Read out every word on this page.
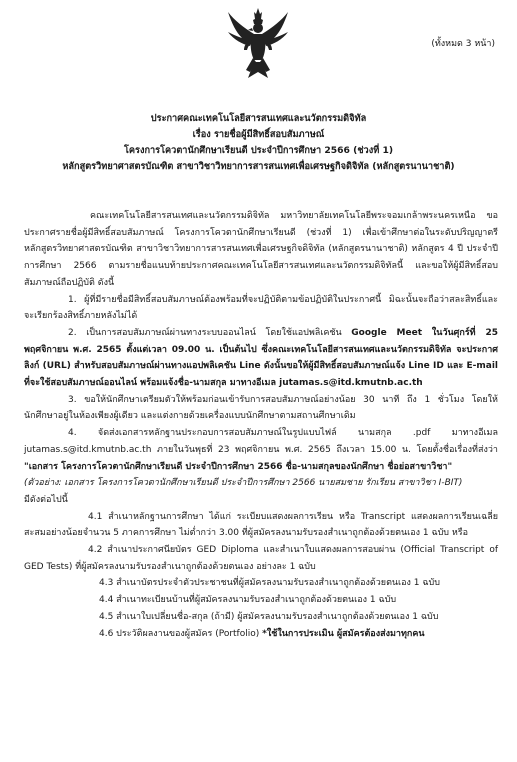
(ทั้งหมด 3 หน้า)
ประกาศคณะเทคโนโลยีสารสนเทศและนวัตกรรมดิจิทัล
เรื่อง รายชื่อผู้มีสิทธิ์สอบสัมภาษณ์
โครงการโควตานักศึกษาเรียนดี ประจำปีการศึกษา 2566 (ช่วงที่ 1)
หลักสูตรวิทยาศาสตรบัณฑิต สาขาวิชาวิทยาการสารสนเทศเพื่อเศรษฐกิจดิจิทัล (หลักสูตรนานาชาติ)

คณะเทคโนโลยีสารสนเทศและนวัตกรรมดิจิทัล มหาวิทยาลัยเทคโนโลยีพระจอมเกล้าพระนครเหนือ ขอประกาศรายชื่อผู้มีสิทธิ์สอบสัมภาษณ์ โครงการโควตานักศึกษาเรียนดี (ช่วงที่ 1) เพื่อเข้าศึกษาต่อในระดับปริญญาตรี หลักสูตรวิทยาศาสตรบัณฑิต สาขาวิชาวิทยาการสารสนเทศเพื่อเศรษฐกิจดิจิทัล (หลักสูตรนานาชาติ) หลักสูตร 4 ปี ประจำปีการศึกษา 2566 ตามรายชื่อแนบท้ายประกาศคณะเทคโนโลยีสารสนเทศและนวัตกรรมดิจิทัลนี้ และขอให้ผู้มีสิทธิ์สอบสัมภาษณ์ถือปฏิบัติ ดังนี้

1. ผู้ที่มีรายชื่อมีสิทธิ์สอบสัมภาษณ์ต้องพร้อมที่จะปฏิบัติตามข้อปฏิบัติในประกาศนี้ มิฉะนั้นจะถือว่าสละสิทธิ์และจะเรียกร้องสิทธิ์ภายหลังไม่ได้

2. เป็นการสอบสัมภาษณ์ผ่านทางระบบออนไลน์ โดยใช้แอปพลิเคชัน Google Meet ในวันศุกร์ที่ 25 พฤศจิกายน พ.ศ. 2565 ตั้งแต่เวลา 09.00 น. เป็นต้นไป ซึ่งคณะเทคโนโลยีสารสนเทศและนวัตกรรมดิจิทัล จะประกาศลิงก์ (URL) สำหรับสอบสัมภาษณ์ผ่านทางแอปพลิเคชัน Line ดังนั้นขอให้ผู้มีสิทธิ์สอบสัมภาษณ์แจ้ง Line ID และ E-mail ที่จะใช้สอบสัมภาษณ์ออนไลน์ พร้อมแจ้งชื่อ-นามสกุล มาทางอีเมล jutamas.s@itd.kmutnb.ac.th

3. ขอให้นักศึกษาเตรียมตัวให้พร้อมก่อนเข้ารับการสอบสัมภาษณ์อย่างน้อย 30 นาที ถึง 1 ชั่วโมง โดยให้นักศึกษาอยู่ในห้องเพียงผู้เดียว และแต่งกายด้วยเครื่องแบบนักศึกษาตามสถานศึกษาเดิม

4. จัดส่งเอกสารหลักฐานประกอบการสอบสัมภาษณ์ในรูปแบบไฟล์ นามสกุล .pdf มาทางอีเมล jutamas.s@itd.kmutnb.ac.th ภายในวันพุธที่ 23 พฤศจิกายน พ.ศ. 2565 ถึงเวลา 15.00 น. โดยตั้งชื่อเรื่องที่ส่งว่า "เอกสาร โครงการโควตานักศึกษาเรียนดี ประจำปีการศึกษา 2566 ชื่อ-นามสกุลของนักศึกษา ชื่อย่อสาขาวิชา"

(ตัวอย่าง: เอกสาร โครงการโควตานักศึกษาเรียนดี ประจำปีการศึกษา 2566 นายสมชาย รักเรียน สาขาวิชา I-BIT)

มีดังต่อไปนี้

4.1 สำเนาหลักฐานการศึกษา ได้แก่ ระเบียบแสดงผลการเรียน หรือ Transcript แสดงผลการเรียนเฉลี่ยสะสมอย่างน้อยจำนวน 5 ภาคการศึกษา ไม่ต่ำกว่า 3.00 ที่ผู้สมัครลงนามรับรองสำเนาถูกต้องด้วยตนเอง 1 ฉบับ หรือ

4.2 สำเนาประกาศนียบัตร GED Diploma และสำเนาใบแสดงผลการสอบผ่าน (Official Transcript of GED Tests) ที่ผู้สมัครลงนามรับรองสำเนาถูกต้องด้วยตนเอง อย่างละ 1 ฉบับ

4.3 สำเนาบัตรประจำตัวประชาชนที่ผู้สมัครลงนามรับรองสำเนาถูกต้องด้วยตนเอง 1 ฉบับ

4.4 สำเนาทะเบียนบ้านที่ผู้สมัครลงนามรับรองสำเนาถูกต้องด้วยตนเอง 1 ฉบับ

4.5 สำเนาใบเปลี่ยนชื่อ-สกุล (ถ้ามี) ผู้สมัครลงนามรับรองสำเนาถูกต้องด้วยตนเอง 1 ฉบับ

4.6 ประวัติผลงานของผู้สมัคร (Portfolio) *ใช้ในการประเมิน ผู้สมัครต้องส่งมาทุกคน
